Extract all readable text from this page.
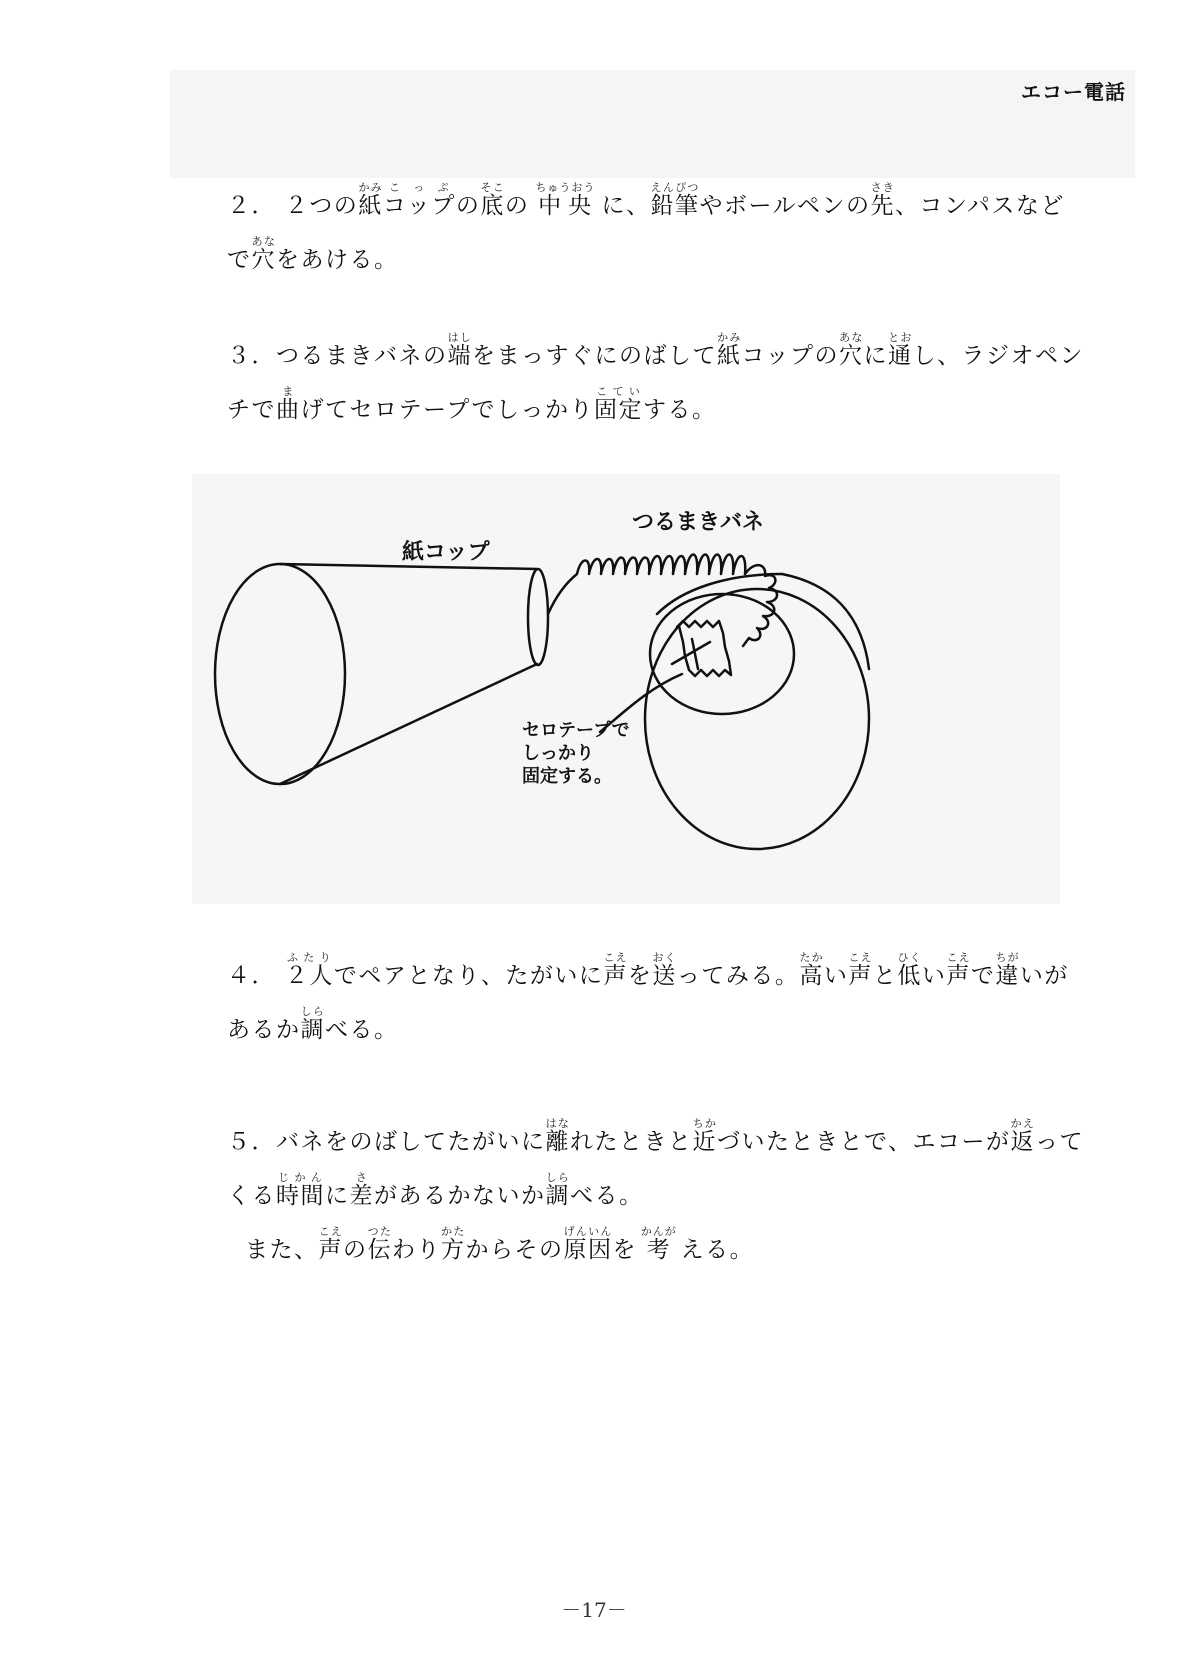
エコー電話
２． ２つの紙かみコップこっぷの底そこの 中央ちゅうおう に、鉛筆えんぴつやボールペンの先さき、コンパスなど
で穴あなをあける。
３．つるまきバネの端はしをまっすぐにのばして紙かみコップの穴あなに通とおし、ラジオペン
チで曲まげてセロテープでしっかり固定こていする。
つるまきバネ
紙コップ
セロテープで
しっかり
固定する。
４． ２人ふたりでペアとなり、たがいに声こえを送おくってみる。高たかい声こえと低ひくい声こえで違ちがいが
あるか調しらべる。
５．バネをのばしてたがいに離はなれたときと近ちかづいたときとで、エコーが返かえって
くる時間じかんに差さがあるかないか調しらべる。
また、声こえの伝つたわり方かたからその原因げんいんを 考かんが える。
－17－
